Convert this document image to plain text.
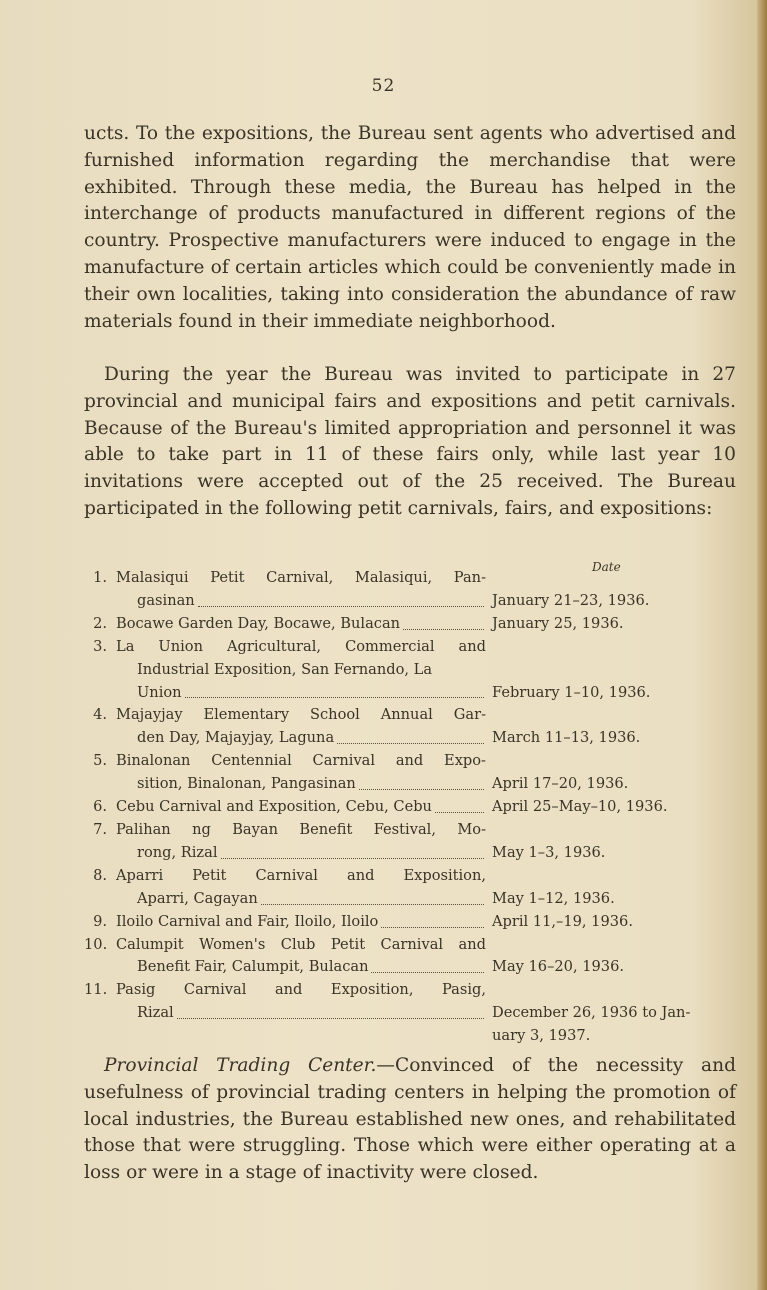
52

ucts. To the expositions, the Bureau sent agents who advertised and furnished information regarding the merchandise that were exhibited. Through these media, the Bureau has helped in the interchange of products manufactured in different regions of the country. Prospective manufacturers were induced to engage in the manufacture of certain articles which could be conveniently made in their own localities, taking into consideration the abundance of raw materials found in their immediate neighborhood.

During the year the Bureau was invited to participate in 27 provincial and municipal fairs and expositions and petit carnivals. Because of the Bureau's limited appropriation and personnel it was able to take part in 11 of these fairs only, while last year 10 invitations were accepted out of the 25 received. The Bureau participated in the following petit carnivals, fairs, and expositions:

Date
1. Malasiqui Petit Carnival, Malasiqui, Pan-
gasinan	January 21–23, 1936.
2. Bocawe Garden Day, Bocawe, Bulacan	January 25, 1936.
3. La Union Agricultural, Commercial and
Industrial Exposition, San Fernando, La
Union	February 1–10, 1936.
4. Majayjay Elementary School Annual Gar-
den Day, Majayjay, Laguna	March 11–13, 1936.
5. Binalonan Centennial Carnival and Expo-
sition, Binalonan, Pangasinan	April 17–20, 1936.
6. Cebu Carnival and Exposition, Cebu, Cebu	April 25–May–10, 1936.
7. Palihan ng Bayan Benefit Festival, Mo-
rong, Rizal	May 1–3, 1936.
8. Aparri Petit Carnival and Exposition,
Aparri, Cagayan	May 1–12, 1936.
9. Iloilo Carnival and Fair, Iloilo, Iloilo	April 11,–19, 1936.
10. Calumpit Women's Club Petit Carnival and
Benefit Fair, Calumpit, Bulacan	May 16–20, 1936.
11. Pasig Carnival and Exposition, Pasig,
Rizal	December 26, 1936 to Jan-
uary 3, 1937.

Provincial Trading Center.—Convinced of the necessity and usefulness of provincial trading centers in helping the promotion of local industries, the Bureau established new ones, and rehabilitated those that were struggling. Those which were either operating at a loss or were in a stage of inactivity were closed.
